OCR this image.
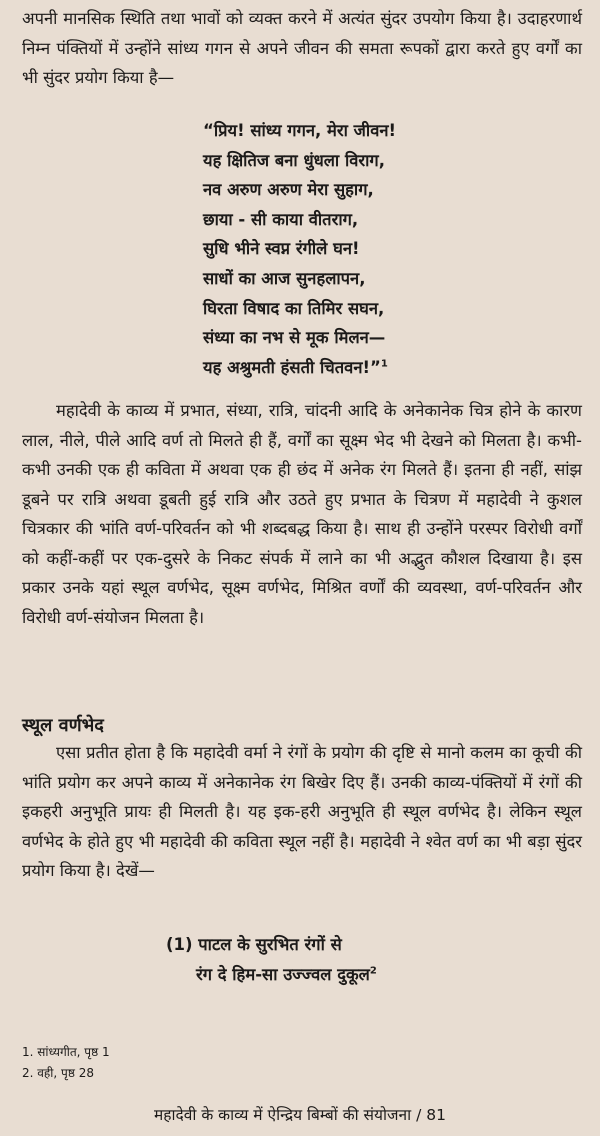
अपनी मानसिक स्थिति तथा भावों को व्यक्त करने में अत्यंत सुंदर उपयोग किया है। उदाहरणार्थ निम्न पंक्तियों में उन्होंने सांध्य गगन से अपने जीवन की समता रूपकों द्वारा करते हुए वर्गों का भी सुंदर प्रयोग किया है—
“प्रिय! सांध्य गगन, मेरा जीवन!
यह क्षितिज बना धुंधला विराग,
नव अरुण अरुण मेरा सुहाग,
छाया - सी काया वीतराग,
सुधि भीने स्वप्न रंगीले घन!
साधों का आज सुनहलापन,
घिरता विषाद का तिमिर सघन,
संध्या का नभ से मूक मिलन—
यह अश्रुमती हंसती चितवन!”$^1$
महादेवी के काव्य में प्रभात, संध्या, रात्रि, चांदनी आदि के अनेकानेक चित्र होने के कारण लाल, नीले, पीले आदि वर्ण तो मिलते ही हैं, वर्गों का सूक्ष्म भेद भी देखने को मिलता है। कभी-कभी उनकी एक ही कविता में अथवा एक ही छंद में अनेक रंग मिलते हैं। इतना ही नहीं, सांझ डूबने पर रात्रि अथवा डूबती हुई रात्रि और उठते हुए प्रभात के चित्रण में महादेवी ने कुशल चित्रकार की भांति वर्ण-परिवर्तन को भी शब्दबद्ध किया है। साथ ही उन्होंने परस्पर विरोधी वर्गों को कहीं-कहीं पर एक-दुसरे के निकट संपर्क में लाने का भी अद्भुत कौशल दिखाया है। इस प्रकार उनके यहां स्थूल वर्णभेद, सूक्ष्म वर्णभेद, मिश्रित वर्णों की व्यवस्था, वर्ण-परिवर्तन और विरोधी वर्ण-संयोजन मिलता है।
स्थूल वर्णभेद
एसा प्रतीत होता है कि महादेवी वर्मा ने रंगों के प्रयोग की दृष्टि से मानो कलम का कूची की भांति प्रयोग कर अपने काव्य में अनेकानेक रंग बिखेर दिए हैं। उनकी काव्य-पंक्तियों में रंगों की इकहरी अनुभूति प्रायः ही मिलती है। यह इक-हरी अनुभूति ही स्थूल वर्णभेद है। लेकिन स्थूल वर्णभेद के होते हुए भी महादेवी की कविता स्थूल नहीं है। महादेवी ने श्वेत वर्ण का भी बड़ा सुंदर प्रयोग किया है। देखें—
(1) पाटल के सुरभित रंगों से
रंग दे हिम-सा उज्ज्वल दुकूल$^2$
1. सांध्यगीत, पृष्ठ 1
2. वही, पृष्ठ 28
महादेवी के काव्य में ऐन्द्रिय बिम्बों की संयोजना / 81
